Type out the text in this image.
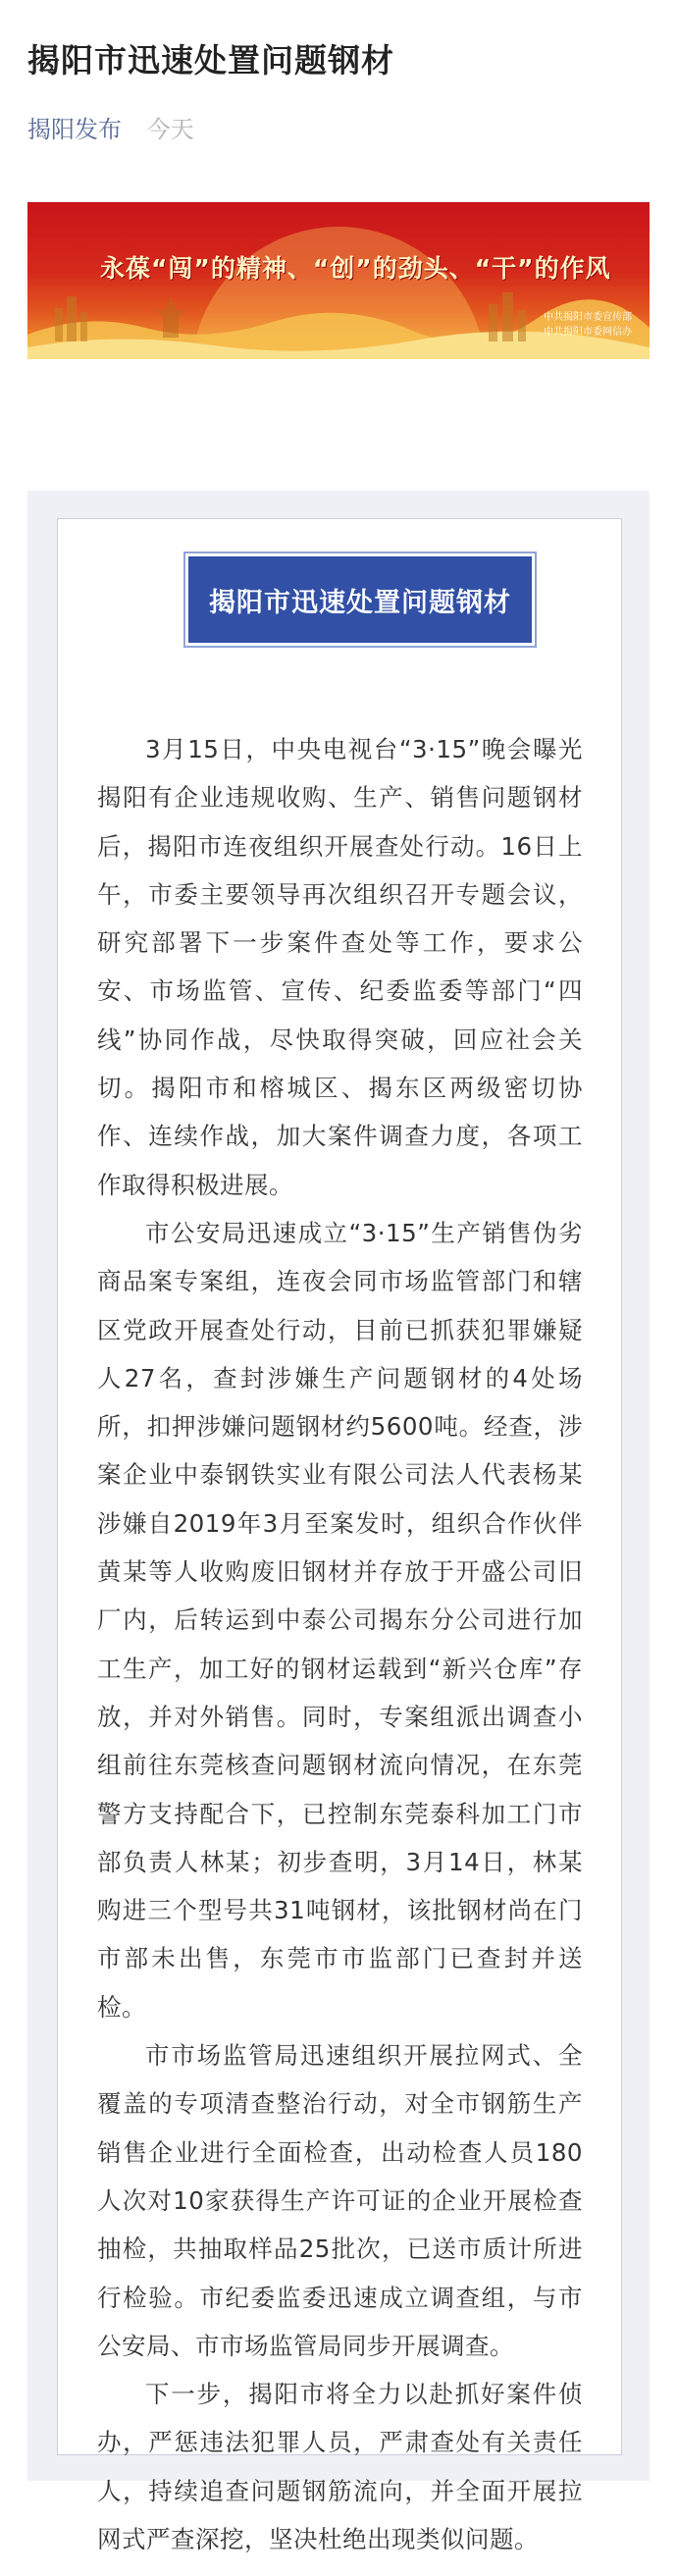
揭阳市迅速处置问题钢材
揭阳发布 今天
永葆“闯”的精神、“创”的劲头、“干”的作风
中共揭阳市委宣传部
中共揭阳市委网信办
揭阳市迅速处置问题钢材

3月15日，中央电视台“3·15”晚会曝光揭阳有企业违规收购、生产、销售问题钢材后，揭阳市连夜组织开展查处行动。16日上午，市委主要领导再次组织召开专题会议，研究部署下一步案件查处等工作，要求公安、市场监管、宣传、纪委监委等部门“四线”协同作战，尽快取得突破，回应社会关切。揭阳市和榕城区、揭东区两级密切协作、连续作战，加大案件调查力度，各项工作取得积极进展。

市公安局迅速成立“3·15”生产销售伪劣商品案专案组，连夜会同市场监管部门和辖区党政开展查处行动，目前已抓获犯罪嫌疑人27名，查封涉嫌生产问题钢材的4处场所，扣押涉嫌问题钢材约5600吨。经查，涉案企业中泰钢铁实业有限公司法人代表杨某涉嫌自2019年3月至案发时，组织合作伙伴黄某等人收购废旧钢材并存放于开盛公司旧厂内，后转运到中泰公司揭东分公司进行加工生产，加工好的钢材运载到“新兴仓库”存放，并对外销售。同时，专案组派出调查小组前往东莞核查问题钢材流向情况，在东莞警方支持配合下，已控制东莞泰科加工门市部负责人林某；初步查明，3月14日，林某购进三个型号共31吨钢材，该批钢材尚在门市部未出售，东莞市市监部门已查封并送检。

市市场监管局迅速组织开展拉网式、全覆盖的专项清查整治行动，对全市钢筋生产销售企业进行全面检查，出动检查人员180人次对10家获得生产许可证的企业开展检查抽检，共抽取样品25批次，已送市质计所进行检验。市纪委监委迅速成立调查组，与市公安局、市市场监管局同步开展调查。

下一步，揭阳市将全力以赴抓好案件侦办，严惩违法犯罪人员，严肃查处有关责任人，持续追查问题钢筋流向，并全面开展拉网式严查深挖，坚决杜绝出现类似问题。
